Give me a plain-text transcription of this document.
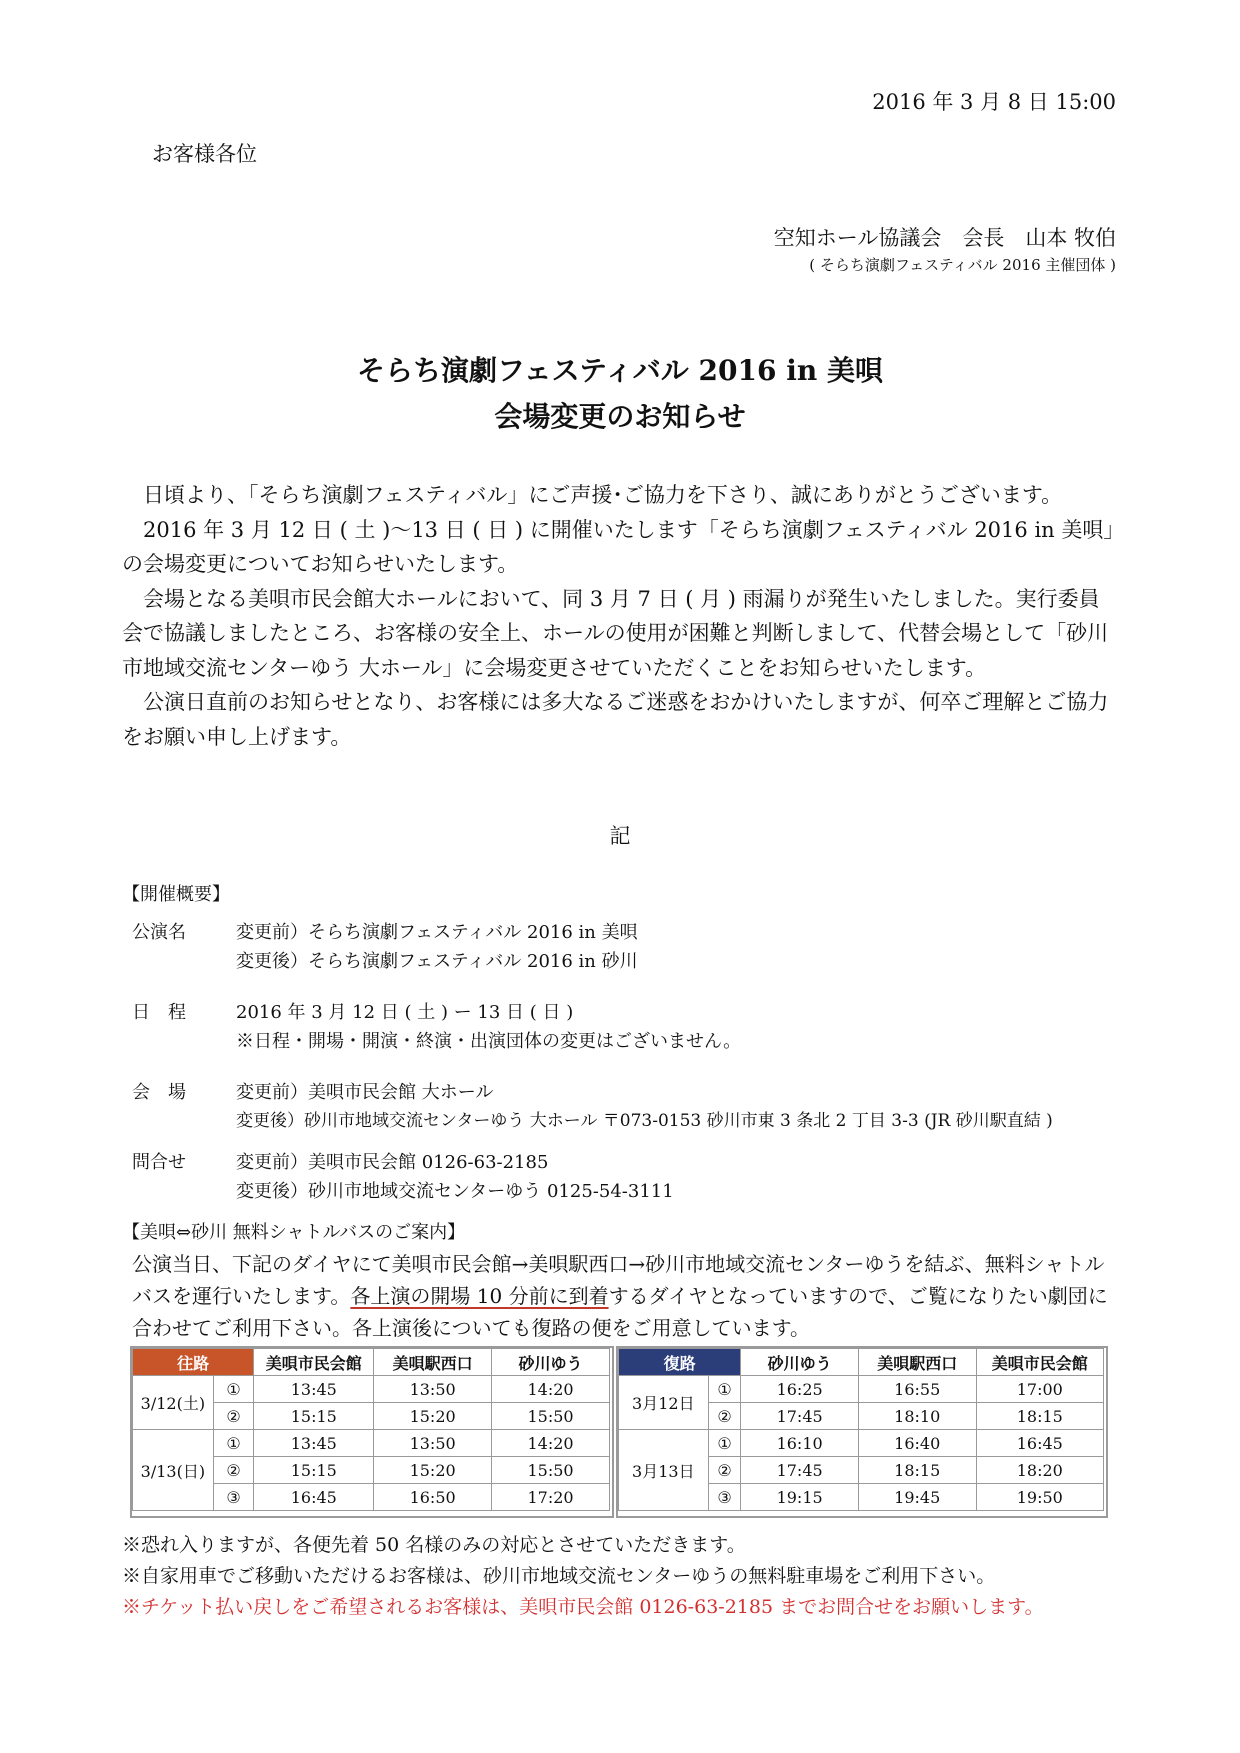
2016 年 3 月 8 日 15:00
お客様各位
空知ホール協議会　会長　山本 牧伯
( そらち演劇フェスティバル 2016 主催団体 )
そらち演劇フェスティバル 2016 in 美唄
会場変更のお知らせ

日頃より、「そらち演劇フェスティバル」にご声援･ご協力を下さり、誠にありがとうございます。

2016 年 3 月 12 日 ( 土 )〜13 日 ( 日 ) に開催いたします「そらち演劇フェスティバル 2016 in 美唄」の会場変更についてお知らせいたします。

会場となる美唄市民会館大ホールにおいて、同 3 月 7 日 ( 月 ) 雨漏りが発生いたしました。実行委員会で協議しましたところ、お客様の安全上、ホールの使用が困難と判断しまして、代替会場として「砂川市地域交流センターゆう 大ホール」に会場変更させていただくことをお知らせいたします。

公演日直前のお知らせとなり、お客様には多大なるご迷惑をおかけいたしますが、何卒ご理解とご協力をお願い申し上げます。

記
【開催概要】
公演名	変更前）そらち演劇フェスティバル 2016 in 美唄
変更後）そらち演劇フェスティバル 2016 in 砂川
日　程	2016 年 3 月 12 日 ( 土 ) ー 13 日 ( 日 )
※日程・開場・開演・終演・出演団体の変更はございません。
会　場	変更前）美唄市民会館 大ホール
変更後）砂川市地域交流センターゆう 大ホール 〒073-0153 砂川市東 3 条北 2 丁目 3-3 (JR 砂川駅直結 )
問合せ	変更前）美唄市民会館 0126-63-2185
変更後）砂川市地域交流センターゆう 0125-54-3111
【美唄⇔砂川 無料シャトルバスのご案内】
公演当日、下記のダイヤにて美唄市民会館→美唄駅西口→砂川市地域交流センターゆうを結ぶ、無料シャトルバスを運行いたします。各上演の開場 10 分前に到着するダイヤとなっていますので、ご覧になりたい劇団に合わせてご利用下さい。各上演後についても復路の便をご用意しています。
往路		美唄市民会館	美唄駅西口	砂川ゆう
3/12(土)	①	13:45	13:50	14:20
	②	15:15	15:20	15:50
3/13(日)	①	13:45	13:50	14:20
	②	15:15	15:20	15:50
	③	16:45	16:50	17:20
復路		砂川ゆう	美唄駅西口	美唄市民会館
3月12日	①	16:25	16:55	17:00
	②	17:45	18:10	18:15
3月13日	①	16:10	16:40	16:45
	②	17:45	18:15	18:20
	③	19:15	19:45	19:50
※恐れ入りますが、各便先着 50 名様のみの対応とさせていただきます。
※自家用車でご移動いただけるお客様は、砂川市地域交流センターゆうの無料駐車場をご利用下さい。
※チケット払い戻しをご希望されるお客様は、美唄市民会館 0126-63-2185 までお問合せをお願いします。
